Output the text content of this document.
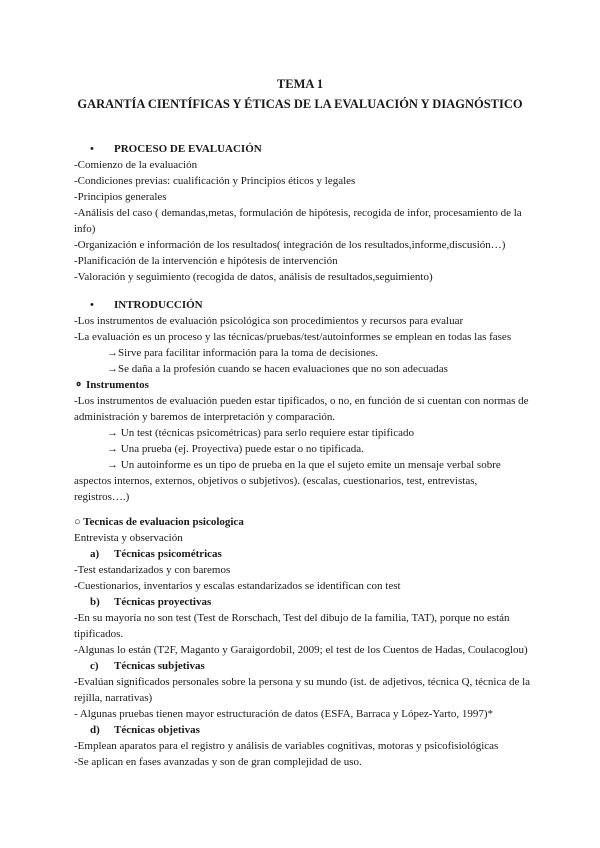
TEMA 1
GARANTÍA CIENTÍFICAS Y ÉTICAS DE LA EVALUACIÓN Y DIAGNÓSTICO
• PROCESO DE EVALUACIÓN
-Comienzo de la evaluación
-Condiciones previas: cualificación y Principios éticos y legales
-Principios generales
-Análisis del caso ( demandas,metas, formulación de hipótesis, recogida de infor, procesamiento de la info)
-Organización e información de los resultados( integración de los resultados,informe,discusión…)
-Planificación de la intervención e hipótesis de intervención
-Valoración y seguimiento (recogida de datos, análisis de resultados,seguimiento)
• INTRODUCCIÓN
-Los instrumentos de evaluación psicológica son procedimientos y recursos para evaluar
-La evaluación es un proceso y las técnicas/pruebas/test/autoinformes se emplean en todas las fases
→Sirve para facilitar información para la toma de decisiones.
→Se daña a la profesión cuando se hacen evaluaciones que no son adecuadas
⚬ Instrumentos
-Los instrumentos de evaluación pueden estar tipificados, o no, en función de si cuentan con normas de administración y baremos de interpretación y comparación.
→ Un test (técnicas psicométricas) para serlo requiere estar tipificado
→ Una prueba (ej. Proyectiva) puede estar o no tipificada.
→ Un autoinforme es un tipo de prueba en la que el sujeto emite un mensaje verbal sobre aspectos internos, externos, objetivos o subjetivos). (escalas, cuestionarios, test, entrevistas, registros….)
○ Tecnicas de evaluacion psicologica
Entrevista y observación
a) Técnicas psicométricas
-Test estandarizados y con baremos
-Cuestionarios, inventarios y escalas estandarizados se identifican con test
b) Técnicas proyectivas
-En su mayoría no son test (Test de Rorschach, Test del dibujo de la familia, TAT), porque no están tipificados.
-Algunas lo están (T2F, Maganto y Garaigordobil, 2009; el test de los Cuentos de Hadas, Coulacoglou)
c) Técnicas subjetivas
-Evalúan significados personales sobre la persona y su mundo (ist. de adjetivos, técnica Q, técnica de la rejilla, narrativas)
- Algunas pruebas tienen mayor estructuración de datos (ESFA, Barraca y López-Yarto, 1997)*
d) Técnicas objetivas
-Emplean aparatos para el registro y análisis de variables cognitivas, motoras y psicofisiológicas
-Se aplican en fases avanzadas y son de gran complejidad de uso.
